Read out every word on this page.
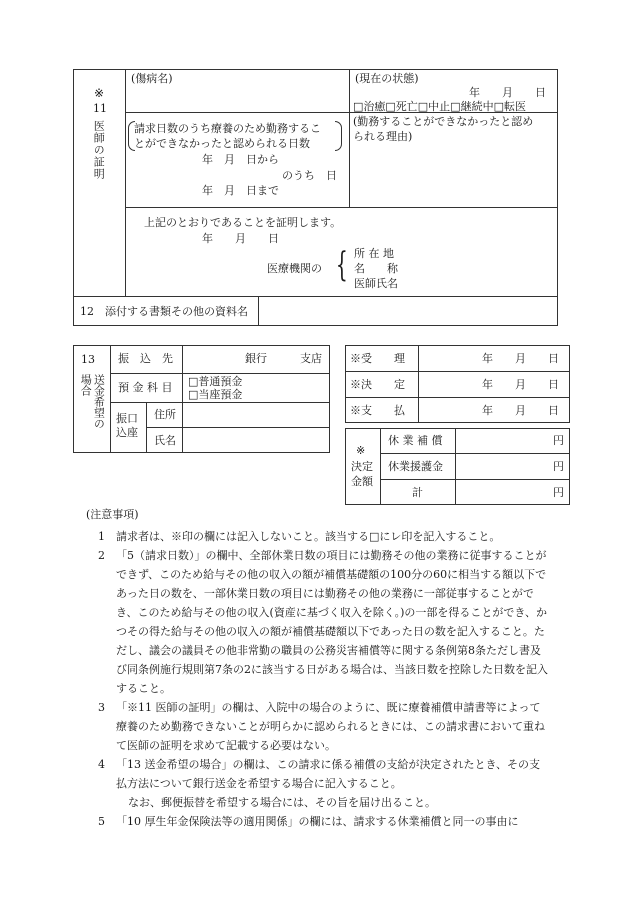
※
11
医師の証明
(傷病名)	(現在の状態)
年　　月　　日
□治癒□死亡□中止□継続中□転医
請求日数のうち療養のため勤務するこ
とができなかったと認められる日数
年　月　日から
のうち　日
年　月　日まで
(勤務することができなかったと認め
られる理由)
上記のとおりであることを証明します。
年　　月　　日
医療機関の { 所 在 地
名　　称
医師氏名
12　添付する書類その他の資料名
13
送金希望の場合
振　込　先	銀行　　　支店
預 金 科 目 □普通預金
□当座預金
振口
込座
住所
氏名
※受　　理	年　　月　　日
※決　　定	年　　月　　日
※支　　払	年　　月　　日
※
決定
金額
休 業 補 償	円
休業援護金	円
計	円
(注意事項)
1 請求者は、※印の欄には記入しないこと。該当する□にレ印を記入すること。
2 「5（請求日数）」の欄中、全部休業日数の項目には勤務その他の業務に従事することができず、このため給与その他の収入の額が補償基礎額の100分の60に相当する額以下であった日の数を、一部休業日数の項目には勤務その他の業務に一部従事することができ、このため給与その他の収入(資産に基づく収入を除く。)の一部を得ることができ、かつその得た給与その他の収入の額が補償基礎額以下であった日の数を記入すること。ただし、議会の議員その他非常勤の職員の公務災害補償等に関する条例第8条ただし書及び同条例施行規則第7条の2に該当する日がある場合は、当該日数を控除した日数を記入すること。
3 「※11 医師の証明」の欄は、入院中の場合のように、既に療養補償申請書等によって療養のため勤務できないことが明らかに認められるときには、この請求書において重ねて医師の証明を求めて記載する必要はない。
4 「13 送金希望の場合」の欄は、この請求に係る補償の支給が決定されたとき、その支払方法について銀行送金を希望する場合に記入すること。
なお、郵便振替を希望する場合には、その旨を届け出ること。
5 「10 厚生年金保険法等の適用関係」の欄には、請求する休業補償と同一の事由に
